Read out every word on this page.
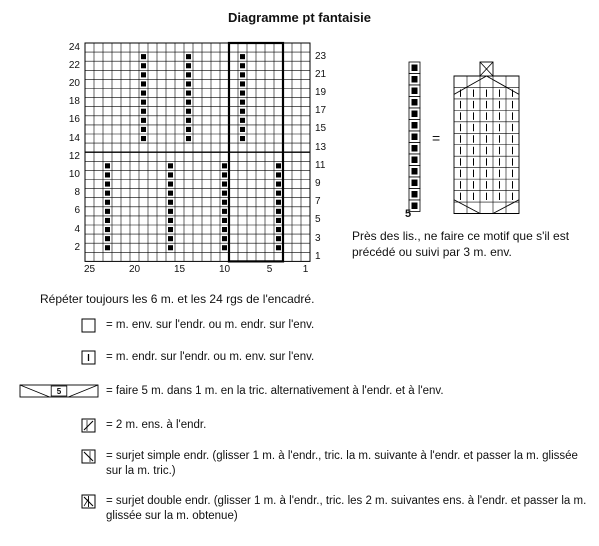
Diagramme pt fantaisie
5
24
22
20
18
16
14
12
10
8
6
4
2
23
21
19
17
15
13
11
9
7
5
3
1
25	20	15	10	5	1
5
=
Près des lis., ne faire ce motif que s'il est précédé ou suivi par 3 m. env.
Répéter toujours les 6 m. et les 24 rgs de l'encadré.
= m. env. sur l'endr. ou m. endr. sur l'env.
= m. endr. sur l'endr. ou m. env. sur l'env.
= faire 5 m. dans 1 m. en la tric. alternativement à l'endr. et à l'env.
= 2 m. ens. à l'endr.
= surjet simple endr. (glisser 1 m. à l'endr., tric. la m. suivante à l'endr. et passer la m. glissée sur la m. tric.)
= surjet double endr. (glisser 1 m. à l'endr., tric. les 2 m. suivantes ens. à l'endr. et passer la m. glissée sur la m. obtenue)
